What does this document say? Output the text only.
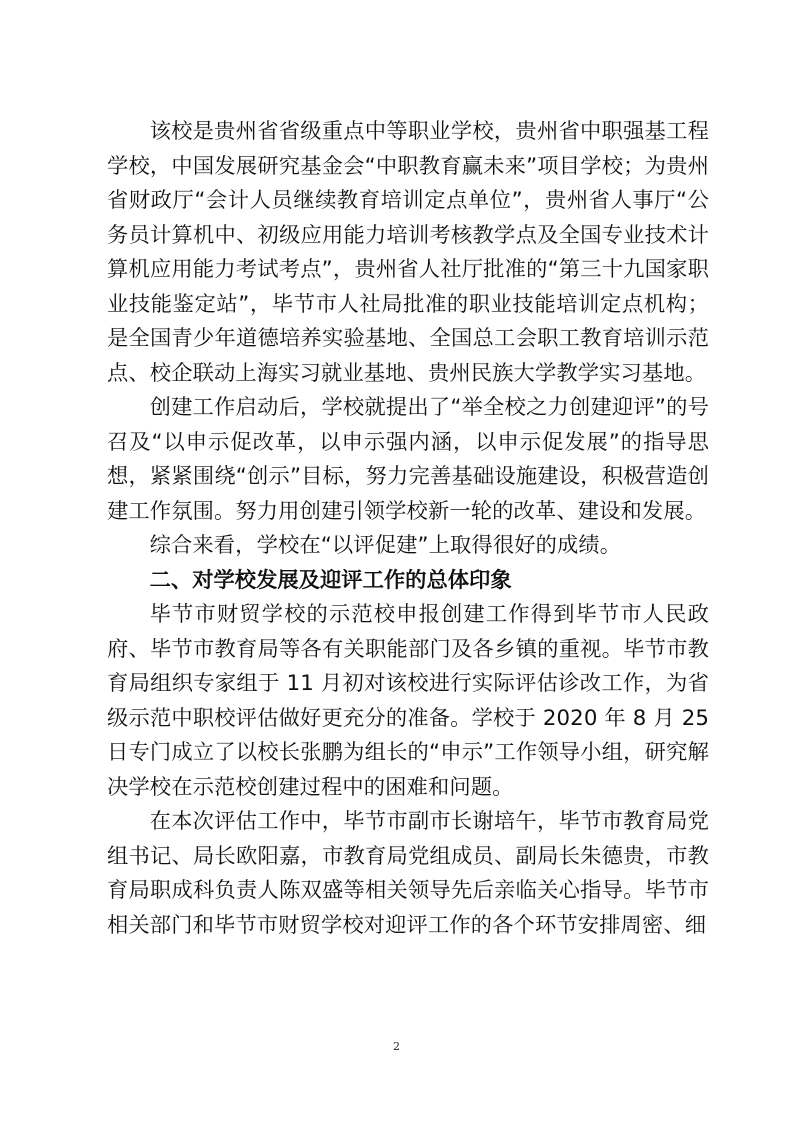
该校是贵州省省级重点中等职业学校，贵州省中职强基工程学校，中国发展研究基金会“中职教育赢未来”项目学校；为贵州省财政厅“会计人员继续教育培训定点单位”，贵州省人事厅“公务员计算机中、初级应用能力培训考核教学点及全国专业技术计算机应用能力考试考点”，贵州省人社厅批准的“第三十九国家职业技能鉴定站”，毕节市人社局批准的职业技能培训定点机构；是全国青少年道德培养实验基地、全国总工会职工教育培训示范点、校企联动上海实习就业基地、贵州民族大学教学实习基地。

创建工作启动后，学校就提出了“举全校之力创建迎评”的号召及“以申示促改革，以申示强内涵，以申示促发展”的指导思想，紧紧围绕“创示”目标，努力完善基础设施建设，积极营造创建工作氛围。努力用创建引领学校新一轮的改革、建设和发展。

综合来看，学校在“以评促建”上取得很好的成绩。

二、对学校发展及迎评工作的总体印象

毕节市财贸学校的示范校申报创建工作得到毕节市人民政府、毕节市教育局等各有关职能部门及各乡镇的重视。毕节市教育局组织专家组于 11 月初对该校进行实际评估诊改工作，为省级示范中职校评估做好更充分的准备。学校于 2020 年 8 月 25 日专门成立了以校长张鹏为组长的“申示”工作领导小组，研究解决学校在示范校创建过程中的困难和问题。

在本次评估工作中，毕节市副市长谢培午，毕节市教育局党组书记、局长欧阳嘉，市教育局党组成员、副局长朱德贵，市教育局职成科负责人陈双盛等相关领导先后亲临关心指导。毕节市相关部门和毕节市财贸学校对迎评工作的各个环节安排周密、细

2
